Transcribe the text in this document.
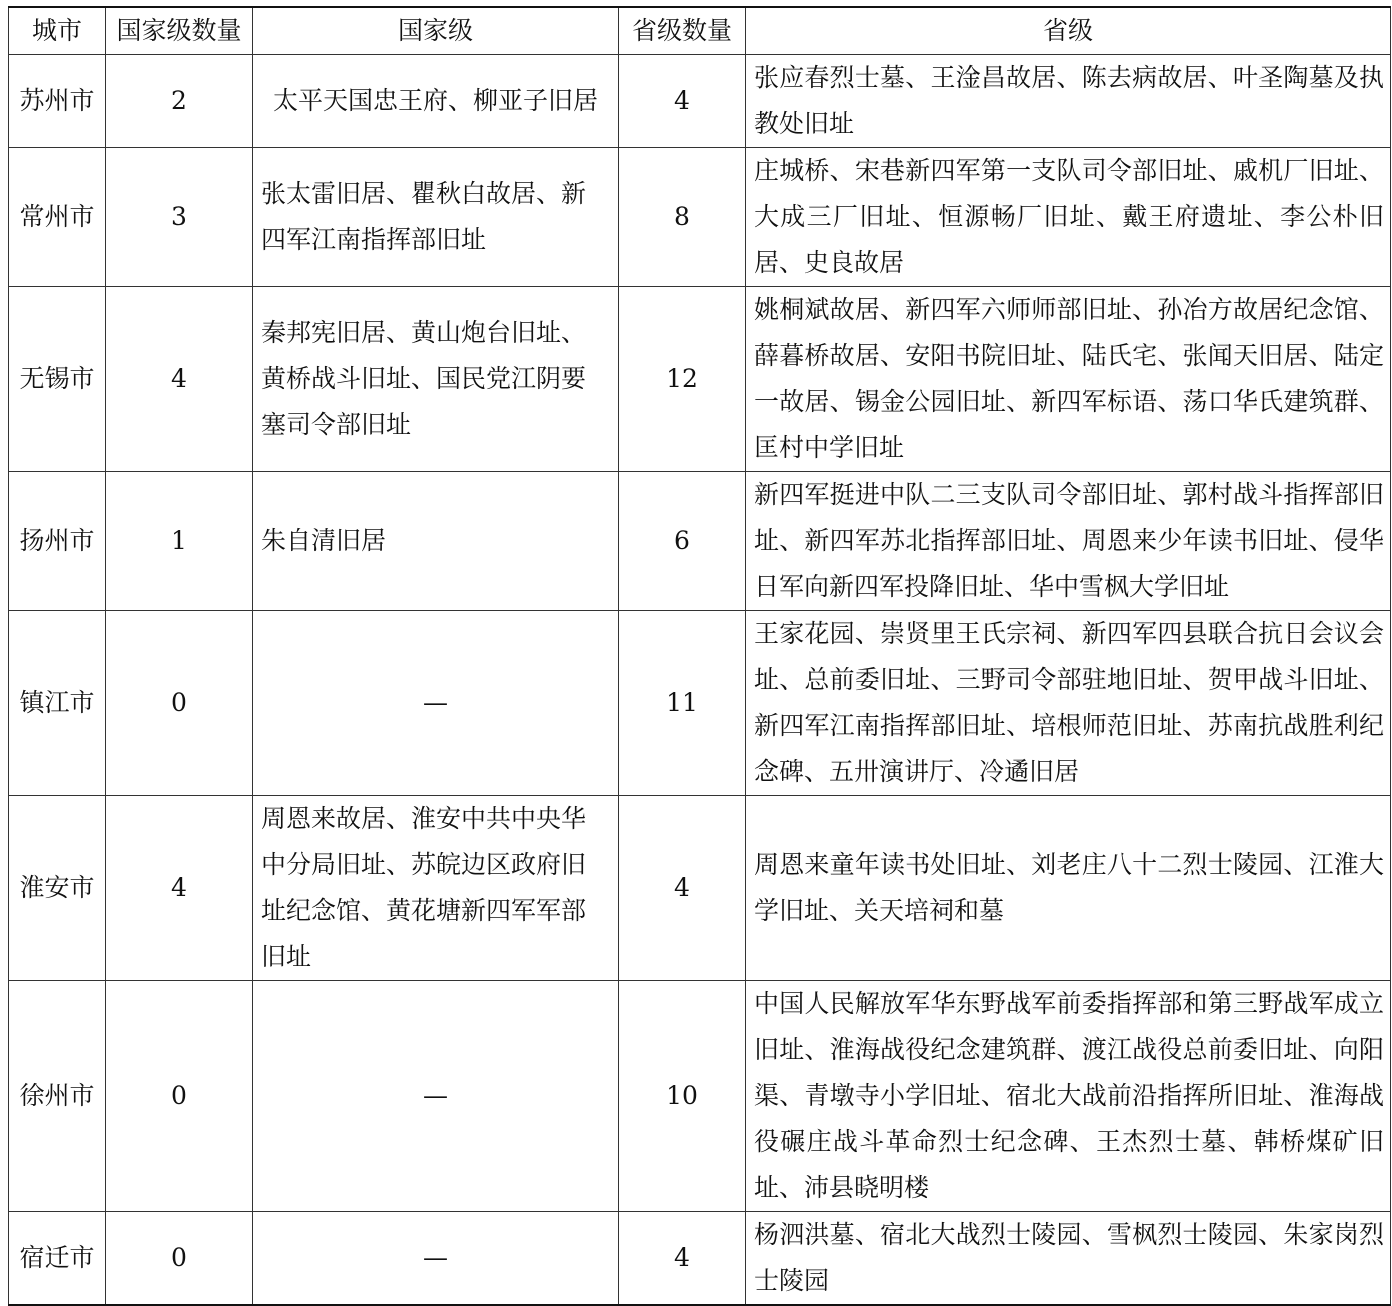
城市	国家级数量	国家级	省级数量	省级
苏州市	2	太平天国忠王府、柳亚子旧居	4	张应春烈士墓、王淦昌故居、陈去病故居、叶圣陶墓及执教处旧址
常州市	3	张太雷旧居、瞿秋白故居、新四军江南指挥部旧址	8	庄城桥、宋巷新四军第一支队司令部旧址、戚机厂旧址、大成三厂旧址、恒源畅厂旧址、戴王府遗址、李公朴旧居、史良故居
无锡市	4	秦邦宪旧居、黄山炮台旧址、黄桥战斗旧址、国民党江阴要塞司令部旧址	12	姚桐斌故居、新四军六师师部旧址、孙冶方故居纪念馆、薛暮桥故居、安阳书院旧址、陆氏宅、张闻天旧居、陆定一故居、锡金公园旧址、新四军标语、荡口华氏建筑群、匡村中学旧址
扬州市	1	朱自清旧居	6	新四军挺进中队二三支队司令部旧址、郭村战斗指挥部旧址、新四军苏北指挥部旧址、周恩来少年读书旧址、侵华日军向新四军投降旧址、华中雪枫大学旧址
镇江市	0	—	11	王家花园、崇贤里王氏宗祠、新四军四县联合抗日会议会址、总前委旧址、三野司令部驻地旧址、贺甲战斗旧址、新四军江南指挥部旧址、培根师范旧址、苏南抗战胜利纪念碑、五卅演讲厅、冷遹旧居
淮安市	4	周恩来故居、淮安中共中央华中分局旧址、苏皖边区政府旧址纪念馆、黄花塘新四军军部旧址	4	周恩来童年读书处旧址、刘老庄八十二烈士陵园、江淮大学旧址、关天培祠和墓
徐州市	0	—	10	中国人民解放军华东野战军前委指挥部和第三野战军成立旧址、淮海战役纪念建筑群、渡江战役总前委旧址、向阳渠、青墩寺小学旧址、宿北大战前沿指挥所旧址、淮海战役碾庄战斗革命烈士纪念碑、王杰烈士墓、韩桥煤矿旧址、沛县晓明楼
宿迁市	0	—	4	杨泗洪墓、宿北大战烈士陵园、雪枫烈士陵园、朱家岗烈士陵园
